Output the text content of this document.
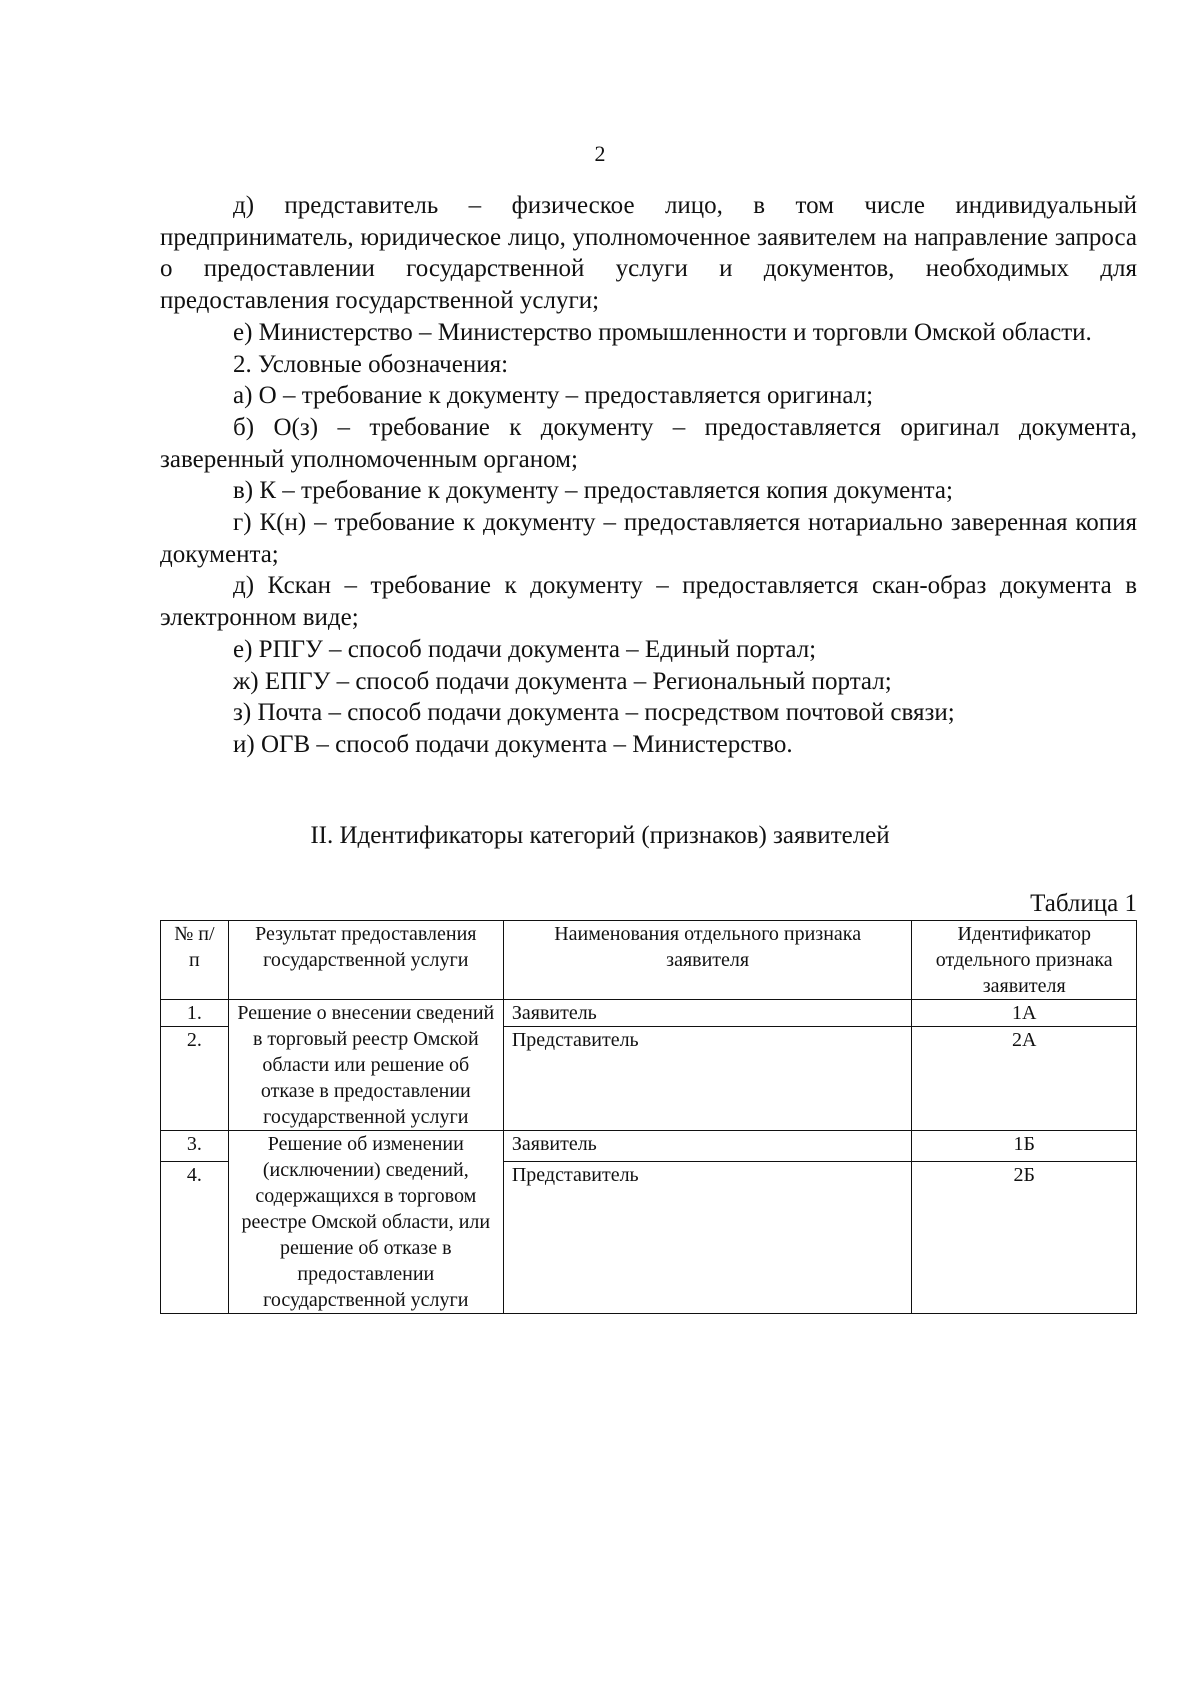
2

д) представитель – физическое лицо, в том числе индивидуальный предприниматель, юридическое лицо, уполномоченное заявителем на направление запроса о предоставлении государственной услуги и документов, необходимых для предоставления государственной услуги;

е) Министерство – Министерство промышленности и торговли Омской области.

2. Условные обозначения:

а) О – требование к документу – предоставляется оригинал;

б) О(з) – требование к документу – предоставляется оригинал документа, заверенный уполномоченным органом;

в) К – требование к документу – предоставляется копия документа;

г) К(н) – требование к документу – предоставляется нотариально заверенная копия документа;

д) Кскан – требование к документу – предоставляется скан-образ документа в электронном виде;

е) РПГУ – способ подачи документа – Единый портал;

ж) ЕПГУ – способ подачи документа – Региональный портал;

з) Почта – способ подачи документа – посредством почтовой связи;

и) ОГВ – способ подачи документа – Министерство.

II. Идентификаторы категорий (признаков) заявителей
Таблица 1
№ п/п	Результат предоставления государственной услуги	Наименования отдельного признака заявителя	Идентификатор отдельного признака заявителя
1.	Решение о внесении сведений в торговый реестр Омской области или решение об отказе в предоставлении государственной услуги	Заявитель	1А
2.		Представитель	2А
3.	Решение об изменении (исключении) сведений, содержащихся в торговом реестре Омской области, или решение об отказе в предоставлении государственной услуги	Заявитель	1Б
4.		Представитель	2Б
